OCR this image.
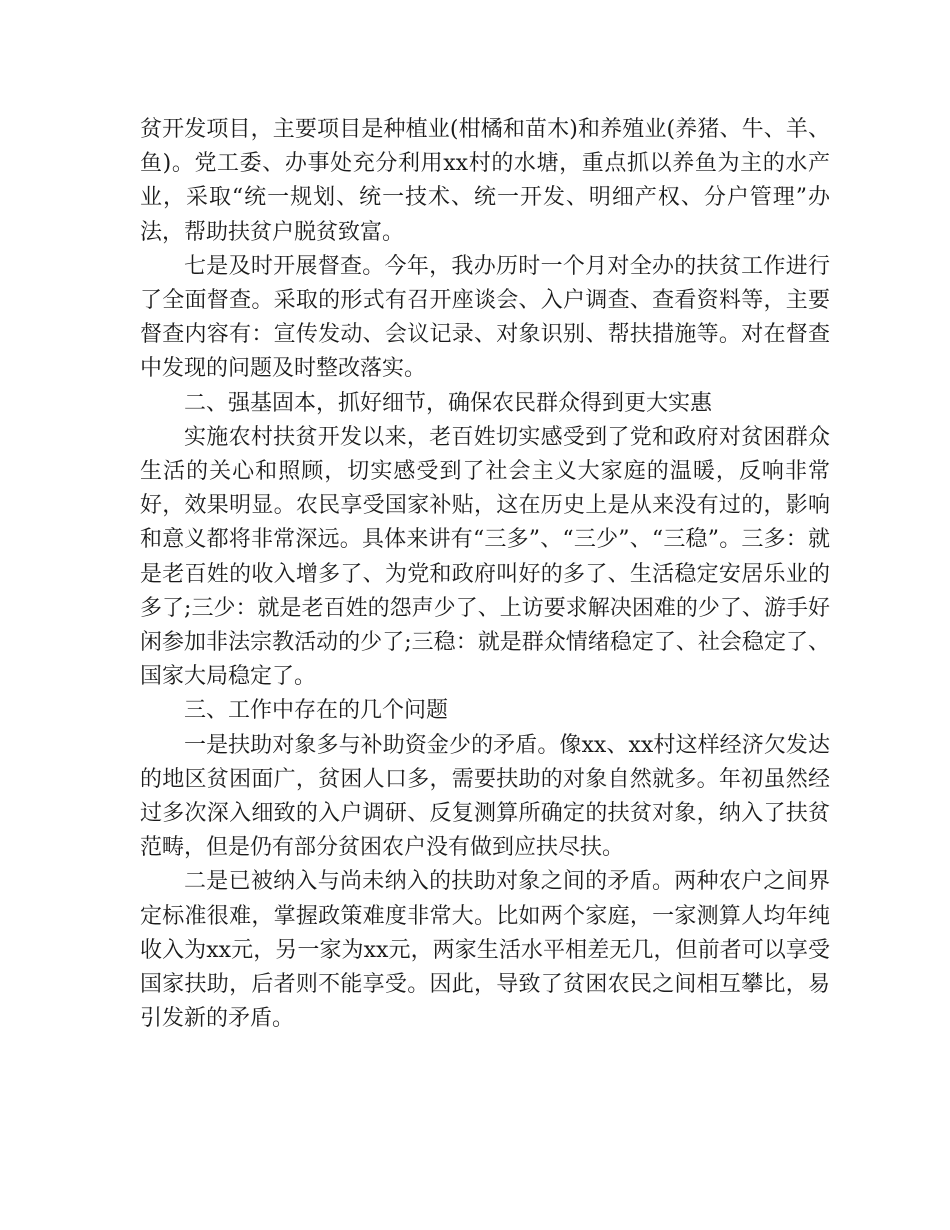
贫开发项目，主要项目是种植业(柑橘和苗木)和养殖业(养猪、牛、羊、鱼)。党工委、办事处充分利用xx村的水塘，重点抓以养鱼为主的水产业，采取“统一规划、统一技术、统一开发、明细产权、分户管理”办法，帮助扶贫户脱贫致富。

七是及时开展督查。今年，我办历时一个月对全办的扶贫工作进行了全面督查。采取的形式有召开座谈会、入户调查、查看资料等，主要督查内容有：宣传发动、会议记录、对象识别、帮扶措施等。对在督查中发现的问题及时整改落实。

二、强基固本，抓好细节，确保农民群众得到更大实惠

实施农村扶贫开发以来，老百姓切实感受到了党和政府对贫困群众生活的关心和照顾，切实感受到了社会主义大家庭的温暖，反响非常好，效果明显。农民享受国家补贴，这在历史上是从来没有过的，影响和意义都将非常深远。具体来讲有“三多”、“三少”、“三稳”。三多：就是老百姓的收入增多了、为党和政府叫好的多了、生活稳定安居乐业的多了;三少：就是老百姓的怨声少了、上访要求解决困难的少了、游手好闲参加非法宗教活动的少了;三稳：就是群众情绪稳定了、社会稳定了、国家大局稳定了。

三、工作中存在的几个问题

一是扶助对象多与补助资金少的矛盾。像xx、xx村这样经济欠发达的地区贫困面广，贫困人口多，需要扶助的对象自然就多。年初虽然经过多次深入细致的入户调研、反复测算所确定的扶贫对象，纳入了扶贫范畴，但是仍有部分贫困农户没有做到应扶尽扶。

二是已被纳入与尚未纳入的扶助对象之间的矛盾。两种农户之间界定标准很难，掌握政策难度非常大。比如两个家庭，一家测算人均年纯收入为xx元，另一家为xx元，两家生活水平相差无几，但前者可以享受国家扶助，后者则不能享受。因此，导致了贫困农民之间相互攀比，易引发新的矛盾。
